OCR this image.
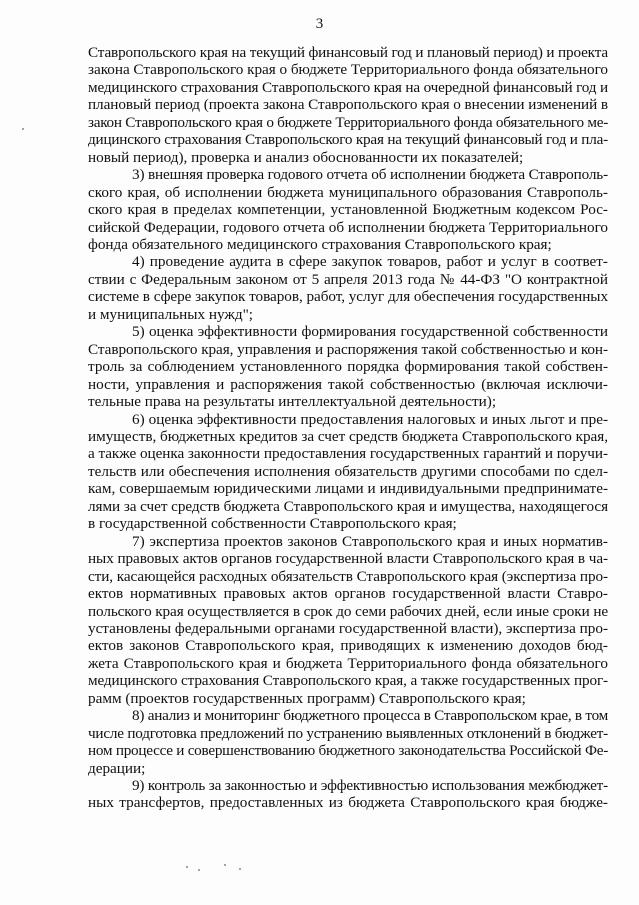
3
Ставропольского края на текущий финансовый год и плановый период) и проекта
закона Ставропольского края о бюджете Территориального фонда обязательного
медицинского страхования Ставропольского края на очередной финансовый год и
плановый период (проекта закона Ставропольского края о внесении изменений в
закон Ставропольского края о бюджете Территориального фонда обязательного ме-
дицинского страхования Ставропольского края на текущий финансовый год и пла-
новый период), проверка и анализ обоснованности их показателей;
3) внешняя проверка годового отчета об исполнении бюджета Ставрополь-
ского края, об исполнении бюджета муниципального образования Ставрополь-
ского края в пределах компетенции, установленной Бюджетным кодексом Рос-
сийской Федерации, годового отчета об исполнении бюджета Территориального
фонда обязательного медицинского страхования Ставропольского края;
4) проведение аудита в сфере закупок товаров, работ и услуг в соответ-
ствии с Федеральным законом от 5 апреля 2013 года № 44-ФЗ "О контрактной
системе в сфере закупок товаров, работ, услуг для обеспечения государственных
и муниципальных нужд";
5) оценка эффективности формирования государственной собственности
Ставропольского края, управления и распоряжения такой собственностью и кон-
троль за соблюдением установленного порядка формирования такой собствен-
ности, управления и распоряжения такой собственностью (включая исключи-
тельные права на результаты интеллектуальной деятельности);
6) оценка эффективности предоставления налоговых и иных льгот и пре-
имуществ, бюджетных кредитов за счет средств бюджета Ставропольского края,
а также оценка законности предоставления государственных гарантий и поручи-
тельств или обеспечения исполнения обязательств другими способами по сдел-
кам, совершаемым юридическими лицами и индивидуальными предпринимате-
лями за счет средств бюджета Ставропольского края и имущества, находящегося
в государственной собственности Ставропольского края;
7) экспертиза проектов законов Ставропольского края и иных норматив-
ных правовых актов органов государственной власти Ставропольского края в ча-
сти, касающейся расходных обязательств Ставропольского края (экспертиза про-
ектов нормативных правовых актов органов государственной власти Ставро-
польского края осуществляется в срок до семи рабочих дней, если иные сроки не
установлены федеральными органами государственной власти), экспертиза про-
ектов законов Ставропольского края, приводящих к изменению доходов бюд-
жета Ставропольского края и бюджета Территориального фонда обязательного
медицинского страхования Ставропольского края, а также государственных прог-
рамм (проектов государственных программ) Ставропольского края;
8) анализ и мониторинг бюджетного процесса в Ставропольском крае, в том
числе подготовка предложений по устранению выявленных отклонений в бюджет-
ном процессе и совершенствованию бюджетного законодательства Российской Фе-
дерации;
9) контроль за законностью и эффективностью использования межбюджет-
ных трансфертов, предоставленных из бюджета Ставропольского края бюдже-
